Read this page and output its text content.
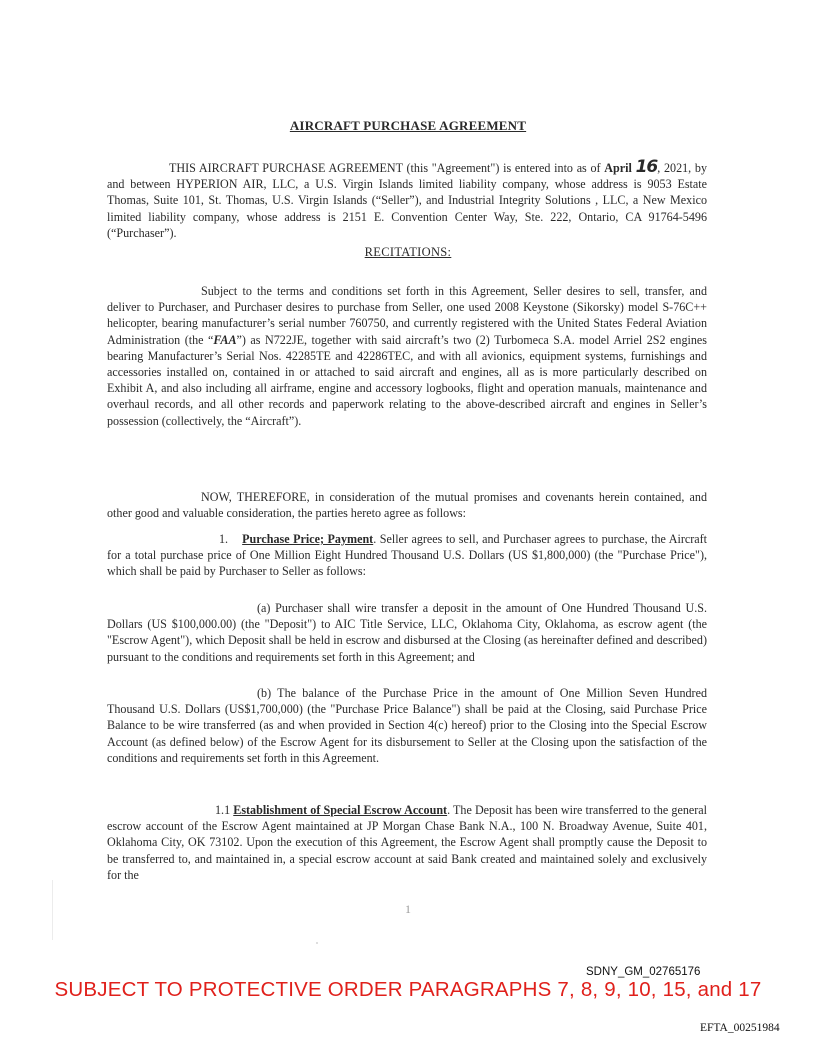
AIRCRAFT PURCHASE AGREEMENT
THIS AIRCRAFT PURCHASE AGREEMENT (this "Agreement") is entered into as of April 16, 2021, by and between HYPERION AIR, LLC, a U.S. Virgin Islands limited liability company, whose address is 9053 Estate Thomas, Suite 101, St. Thomas, U.S. Virgin Islands (“Seller”), and Industrial Integrity Solutions , LLC, a New Mexico limited liability company, whose address is 2151 E. Convention Center Way, Ste. 222, Ontario, CA 91764-5496 (“Purchaser”).
RECITATIONS:
Subject to the terms and conditions set forth in this Agreement, Seller desires to sell, transfer, and deliver to Purchaser, and Purchaser desires to purchase from Seller, one used 2008 Keystone (Sikorsky) model S-76C++ helicopter, bearing manufacturer’s serial number 760750, and currently registered with the United States Federal Aviation Administration (the “FAA”) as N722JE, together with said aircraft’s two (2) Turbomeca S.A. model Arriel 2S2 engines bearing Manufacturer’s Serial Nos. 42285TE and 42286TEC, and with all avionics, equipment systems, furnishings and accessories installed on, contained in or attached to said aircraft and engines, all as is more particularly described on Exhibit A, and also including all airframe, engine and accessory logbooks, flight and operation manuals, maintenance and overhaul records, and all other records and paperwork relating to the above-described aircraft and engines in Seller’s possession (collectively, the “Aircraft”).
NOW, THEREFORE, in consideration of the mutual promises and covenants herein contained, and other good and valuable consideration, the parties hereto agree as follows:
1. Purchase Price; Payment. Seller agrees to sell, and Purchaser agrees to purchase, the Aircraft for a total purchase price of One Million Eight Hundred Thousand U.S. Dollars (US $1,800,000) (the "Purchase Price"), which shall be paid by Purchaser to Seller as follows:
(a) Purchaser shall wire transfer a deposit in the amount of One Hundred Thousand U.S. Dollars (US $100,000.00) (the "Deposit") to AIC Title Service, LLC, Oklahoma City, Oklahoma, as escrow agent (the "Escrow Agent"), which Deposit shall be held in escrow and disbursed at the Closing (as hereinafter defined and described) pursuant to the conditions and requirements set forth in this Agreement; and
(b) The balance of the Purchase Price in the amount of One Million Seven Hundred Thousand U.S. Dollars (US$1,700,000) (the "Purchase Price Balance") shall be paid at the Closing, said Purchase Price Balance to be wire transferred (as and when provided in Section 4(c) hereof) prior to the Closing into the Special Escrow Account (as defined below) of the Escrow Agent for its disbursement to Seller at the Closing upon the satisfaction of the conditions and requirements set forth in this Agreement.
1.1 Establishment of Special Escrow Account. The Deposit has been wire transferred to the general escrow account of the Escrow Agent maintained at JP Morgan Chase Bank N.A., 100 N. Broadway Avenue, Suite 401, Oklahoma City, OK 73102. Upon the execution of this Agreement, the Escrow Agent shall promptly cause the Deposit to be transferred to, and maintained in, a special escrow account at said Bank created and maintained solely and exclusively for the
1
SDNY_GM_02765176
SUBJECT TO PROTECTIVE ORDER PARAGRAPHS 7, 8, 9, 10, 15, and 17
EFTA_00251984
